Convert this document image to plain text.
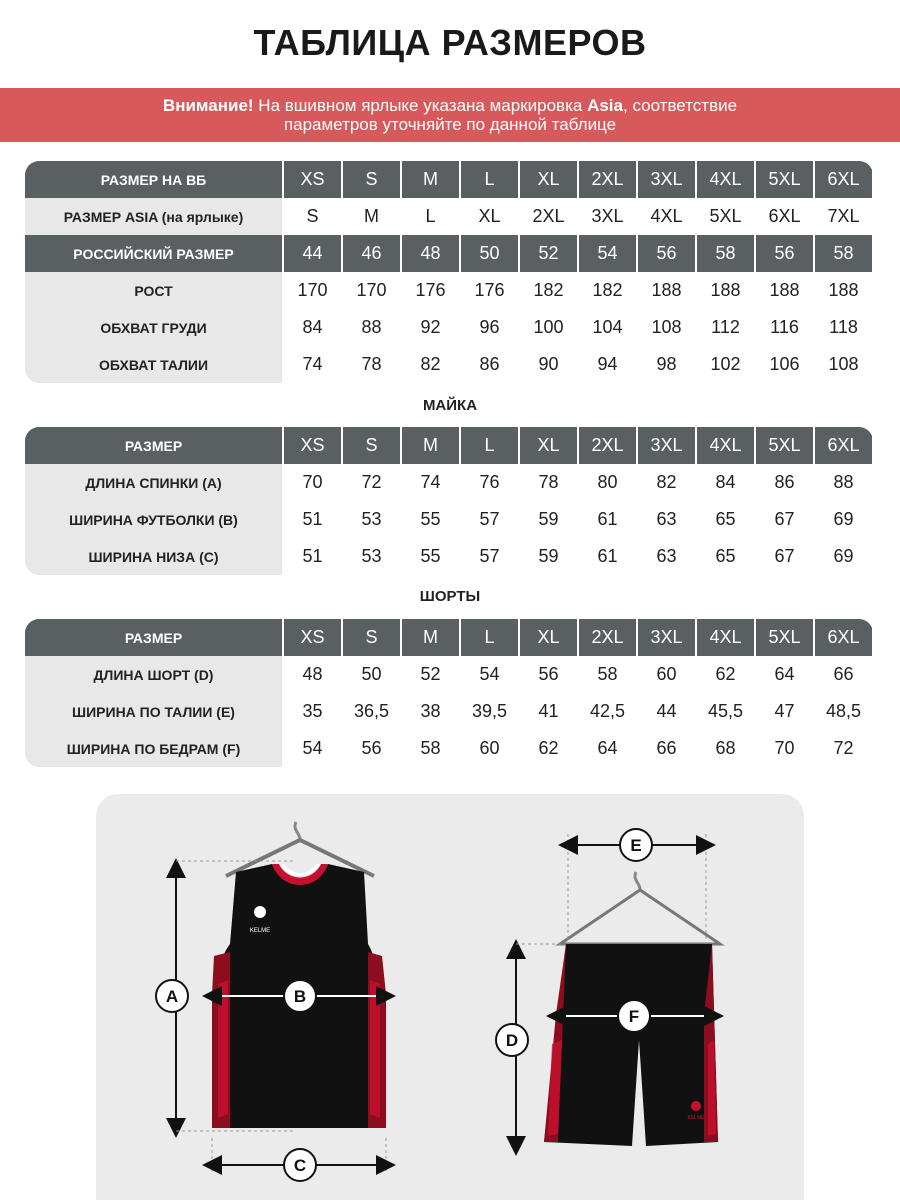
ТАБЛИЦА РАЗМЕРОВ
Внимание! На вшивном ярлыке указана маркировка Asia, соответствие
параметров уточняйте по данной таблице
РАЗМЕР НА ВБ	XS	S	M	L	XL	2XL	3XL	4XL	5XL	6XL
РАЗМЕР ASIA (на ярлыке)	S	M	L	XL	2XL	3XL	4XL	5XL	6XL	7XL
РОССИЙСКИЙ РАЗМЕР	44	46	48	50	52	54	56	58	56	58
РОСТ	170	170	176	176	182	182	188	188	188	188
ОБХВАТ ГРУДИ	84	88	92	96	100	104	108	112	116	118
ОБХВАТ ТАЛИИ	74	78	82	86	90	94	98	102	106	108
МАЙКА
РАЗМЕР	XS	S	M	L	XL	2XL	3XL	4XL	5XL	6XL
ДЛИНА СПИНКИ (A)	70	72	74	76	78	80	82	84	86	88
ШИРИНА ФУТБОЛКИ (B)	51	53	55	57	59	61	63	65	67	69
ШИРИНА НИЗА (C)	51	53	55	57	59	61	63	65	67	69
ШОРТЫ
РАЗМЕР	XS	S	M	L	XL	2XL	3XL	4XL	5XL	6XL
ДЛИНА ШОРТ (D)	48	50	52	54	56	58	60	62	64	66
ШИРИНА ПО ТАЛИИ (E)	35	36,5	38	39,5	41	42,5	44	45,5	47	48,5
ШИРИНА ПО БЕДРАМ (F)	54	56	58	60	62	64	66	68	70	72
KELME
A	B
C
KELME
E
F
D
